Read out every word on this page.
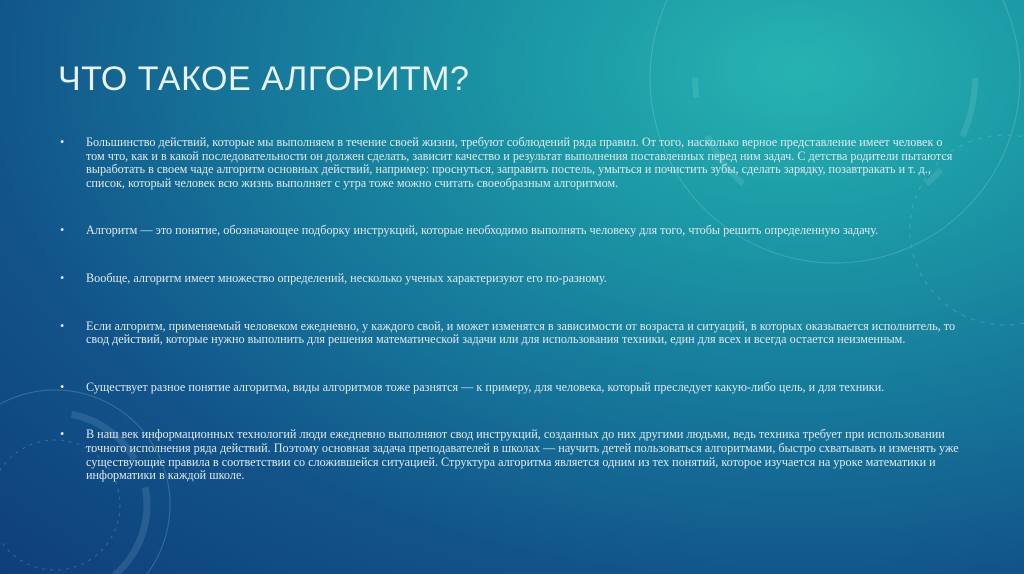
ЧТО ТАКОЕ АЛГОРИТМ?
• Большинство действий, которые мы выполняем в течение своей жизни, требуют соблюдений ряда правил. От того, насколько верное представление имеет человек о том что, как и в какой последовательности он должен сделать, зависит качество и результат выполнения поставленных перед ним задач. С детства родители пытаются выработать в своем чаде алгоритм основных действий, например: проснуться, заправить постель, умыться и почистить зубы, сделать зарядку, позавтракать и т. д., список, который человек всю жизнь выполняет с утра тоже можно считать своеобразным алгоритмом.
• Алгоритм — это понятие, обозначающее подборку инструкций, которые необходимо выполнять человеку для того, чтобы решить определенную задачу.
• Вообще, алгоритм имеет множество определений, несколько ученых характеризуют его по-разному.
• Если алгоритм, применяемый человеком ежедневно, у каждого свой, и может изменятся в зависимости от возраста и ситуаций, в которых оказывается исполнитель, то свод действий, которые нужно выполнить для решения математической задачи или для использования техники, един для всех и всегда остается неизменным.
• Существует разное понятие алгоритма, виды алгоритмов тоже разнятся — к примеру, для человека, который преследует какую-либо цель, и для техники.
• В наш век информационных технологий люди ежедневно выполняют свод инструкций, созданных до них другими людьми, ведь техника требует при использовании точного исполнения ряда действий. Поэтому основная задача преподавателей в школах — научить детей пользоваться алгоритмами, быстро схватывать и изменять уже существующие правила в соответствии со сложившейся ситуацией. Структура алгоритма является одним из тех понятий, которое изучается на уроке математики и информатики в каждой школе.
